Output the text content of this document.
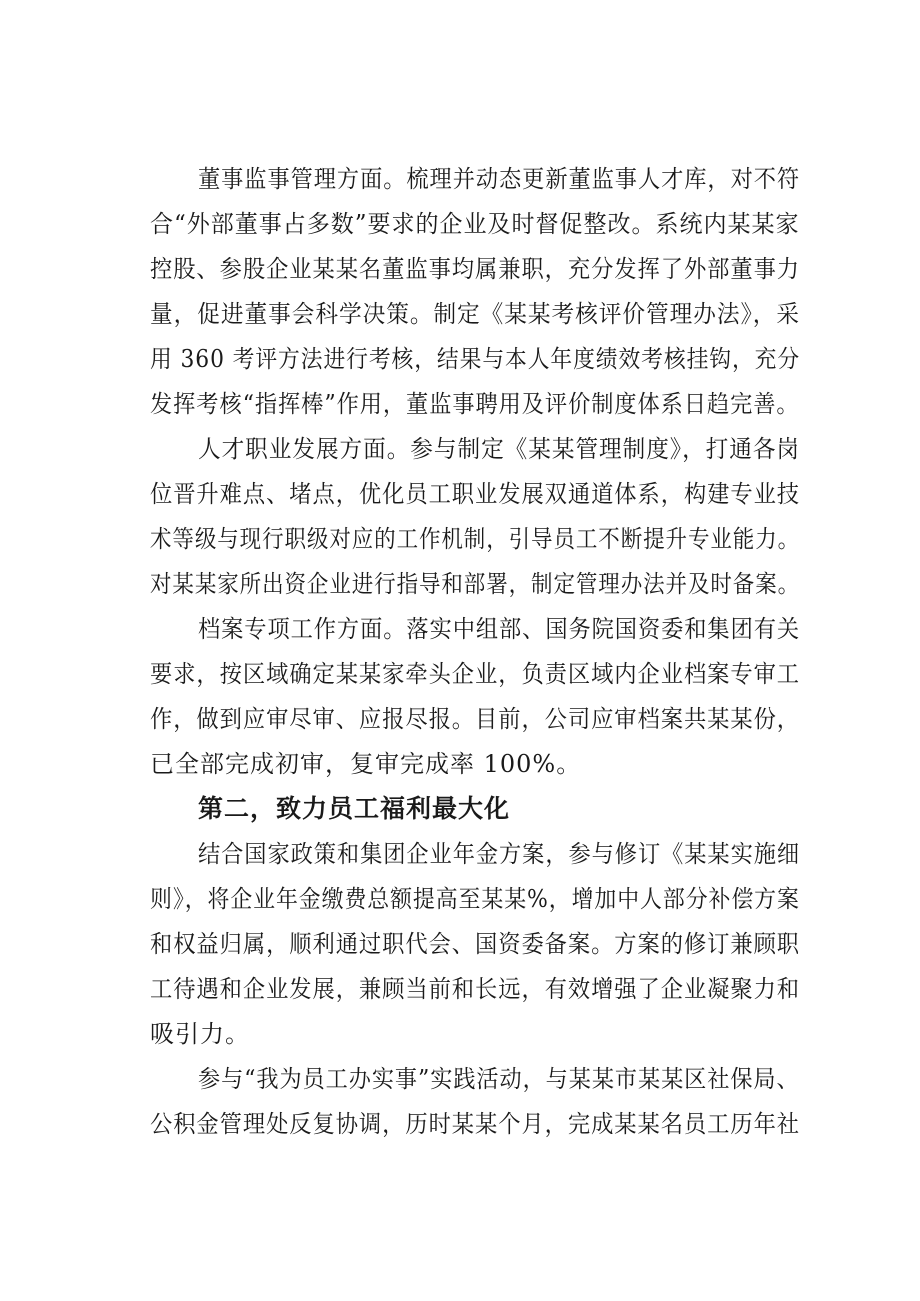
董事监事管理方面。梳理并动态更新董监事人才库，对不符
合“外部董事占多数”要求的企业及时督促整改。系统内某某家
控股、参股企业某某名董监事均属兼职，充分发挥了外部董事力
量，促进董事会科学决策。制定《某某考核评价管理办法》，采
用 360 考评方法进行考核，结果与本人年度绩效考核挂钩，充分
发挥考核“指挥棒”作用，董监事聘用及评价制度体系日趋完善。
人才职业发展方面。参与制定《某某管理制度》，打通各岗
位晋升难点、堵点，优化员工职业发展双通道体系，构建专业技
术等级与现行职级对应的工作机制，引导员工不断提升专业能力。
对某某家所出资企业进行指导和部署，制定管理办法并及时备案。
档案专项工作方面。落实中组部、国务院国资委和集团有关
要求，按区域确定某某家牵头企业，负责区域内企业档案专审工
作，做到应审尽审、应报尽报。目前，公司应审档案共某某份，
已全部完成初审，复审完成率 100%。
第二，致力员工福利最大化
结合国家政策和集团企业年金方案，参与修订《某某实施细
则》，将企业年金缴费总额提高至某某%，增加中人部分补偿方案
和权益归属，顺利通过职代会、国资委备案。方案的修订兼顾职
工待遇和企业发展，兼顾当前和长远，有效增强了企业凝聚力和
吸引力。
参与“我为员工办实事”实践活动，与某某市某某区社保局、
公积金管理处反复协调，历时某某个月，完成某某名员工历年社
